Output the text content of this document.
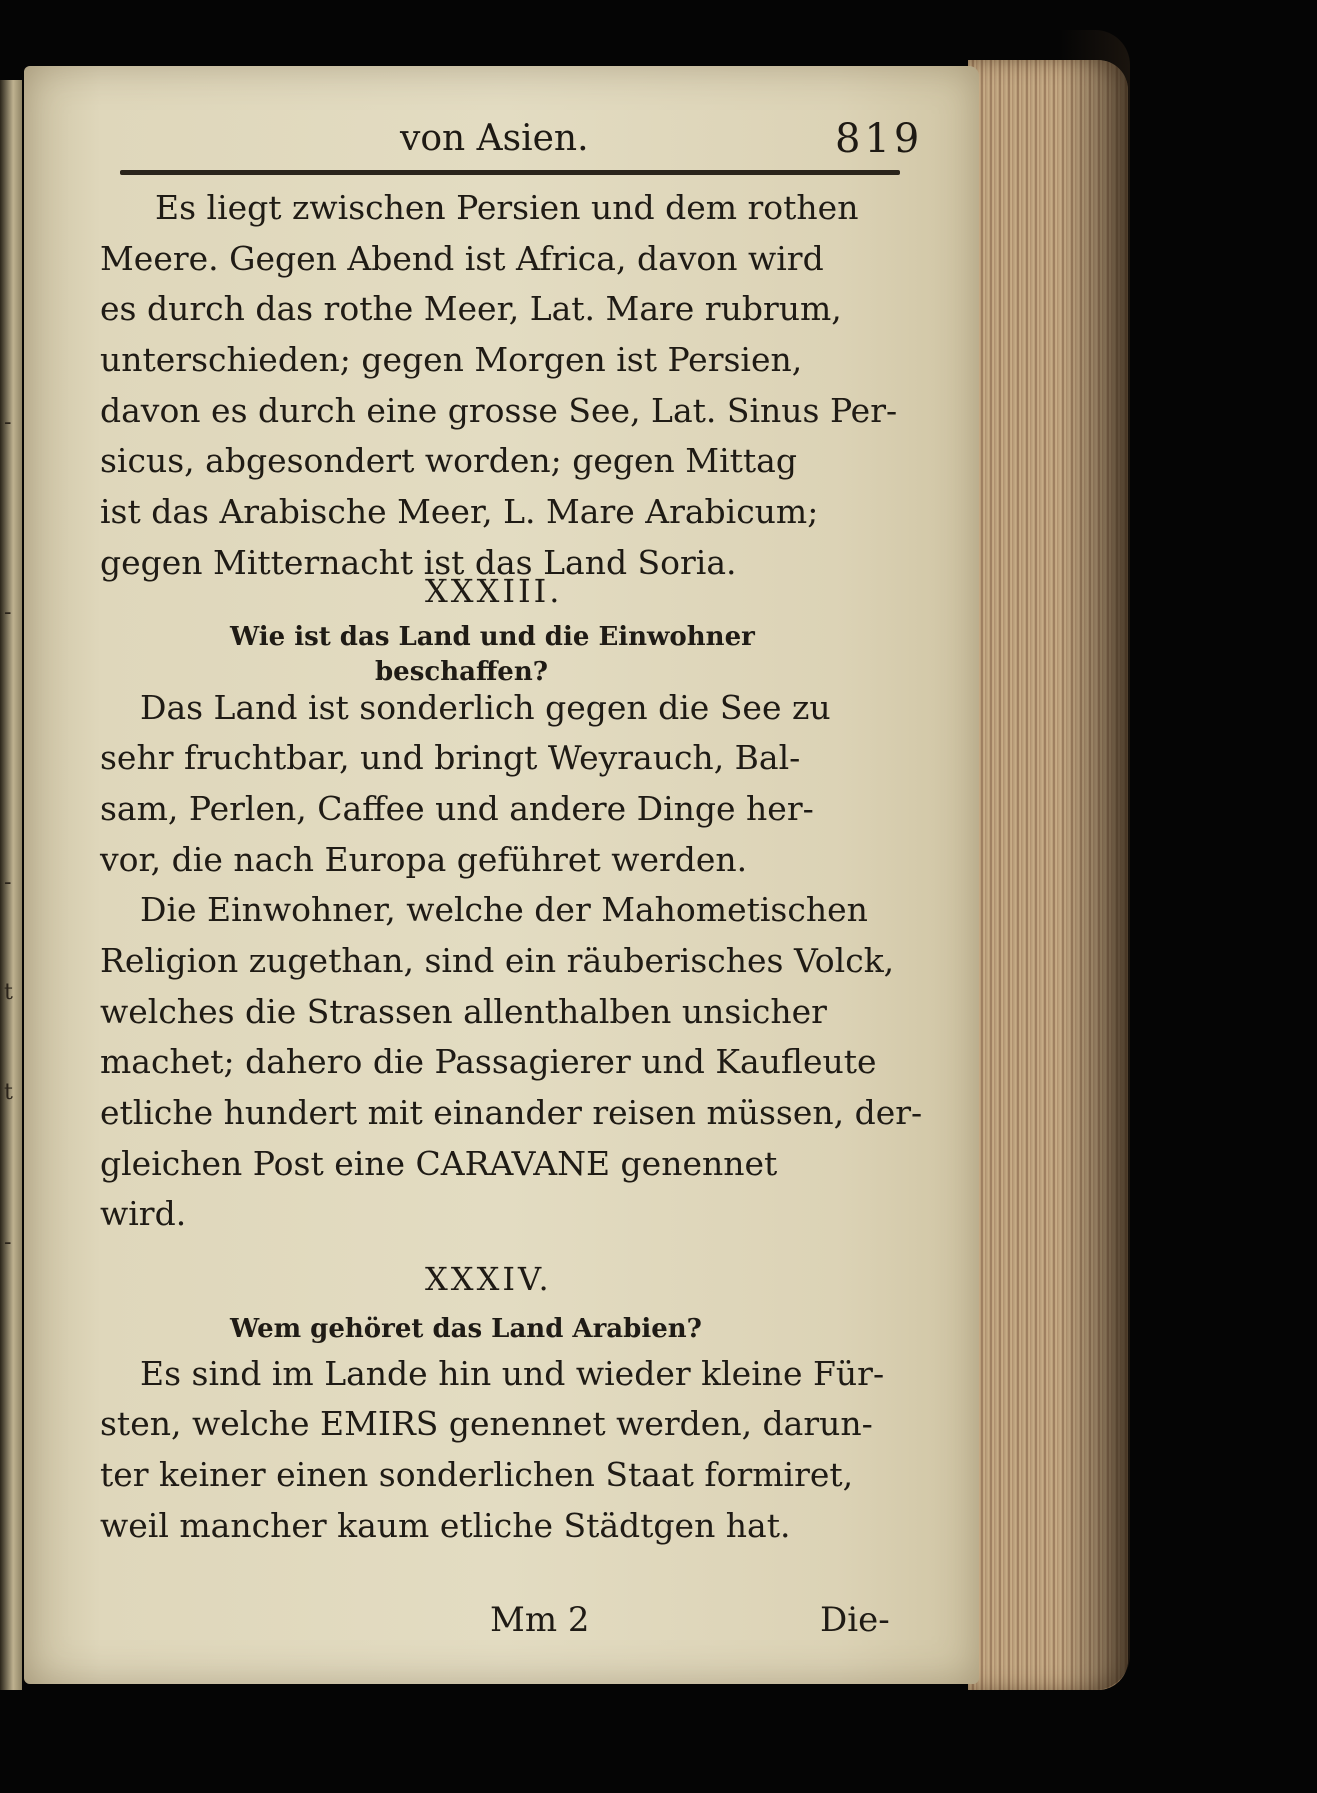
-
-
-
t
t
-
von Asien.	819
Es liegt zwischen Persien und dem rothen
Meere. Gegen Abend ist Africa, davon wird
es durch das rothe Meer, Lat. Mare rubrum,
unterschieden; gegen Morgen ist Persien,
davon es durch eine grosse See, Lat. Sinus Per-
sicus, abgesondert worden; gegen Mittag
ist das Arabische Meer, L. Mare Arabicum;
gegen Mitternacht ist das Land Soria.
XXXIII.
Wie ist das Land und die Einwohner
beschaffen?
Das Land ist sonderlich gegen die See zu
sehr fruchtbar, und bringt Weyrauch, Bal-
sam, Perlen, Caffee und andere Dinge her-
vor, die nach Europa geführet werden.
Die Einwohner, welche der Mahometischen
Religion zugethan, sind ein räuberisches Volck,
welches die Strassen allenthalben unsicher
machet; dahero die Passagierer und Kaufleute
etliche hundert mit einander reisen müssen, der-
gleichen Post eine CARAVANE genennet
wird.
XXXIV.
Wem gehöret das Land Arabien?
Es sind im Lande hin und wieder kleine Für-
sten, welche EMIRS genennet werden, darun-
ter keiner einen sonderlichen Staat formiret,
weil mancher kaum etliche Städtgen hat.
Mm 2	Die-
